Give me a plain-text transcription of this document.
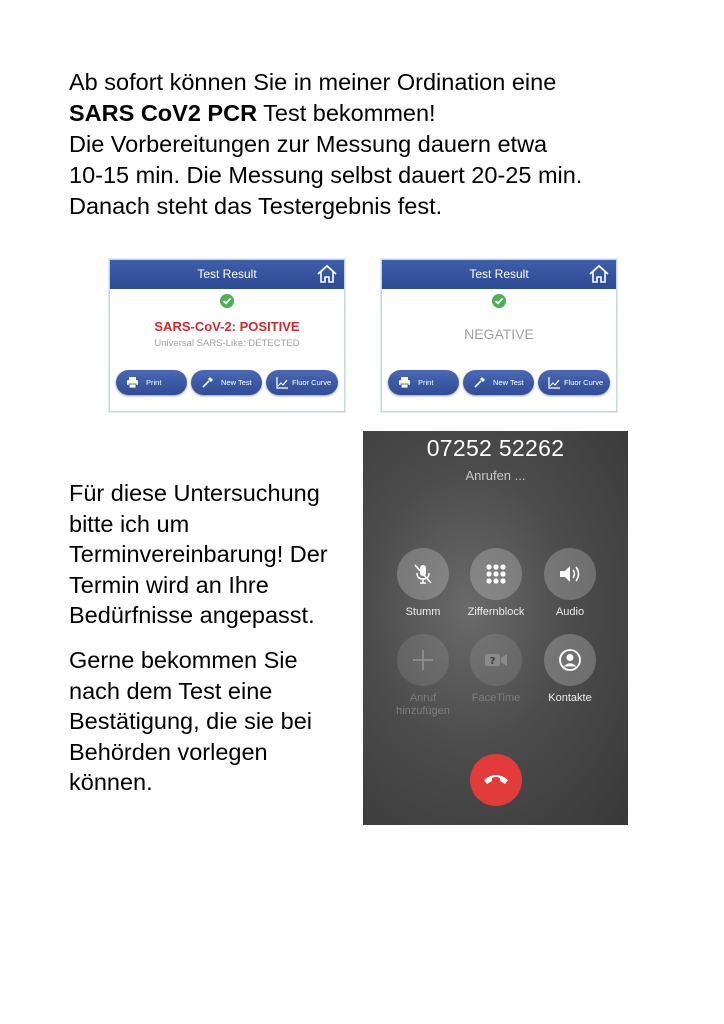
Ab sofort können Sie in meiner Ordination eine
SARS CoV2 PCR Test bekommen!
Die Vorbereitungen zur Messung dauern etwa
10-15 min. Die Messung selbst dauert 20-25 min.
Danach steht das Testergebnis fest.
Test Result
SARS-CoV-2: POSITIVE
Universal SARS-Like: DETECTED
Print	New Test	Fluor Curve
Test Result
NEGATIVE
Print	New Test	Fluor Curve
Für diese Untersuchung
bitte ich um
Terminvereinbarung! Der
Termin wird an Ihre
Bedürfnisse angepasst.
Gerne bekommen Sie
nach dem Test eine
Bestätigung, die sie bei
Behörden vorlegen
können.
07252 52262
Anrufen ...
Stumm	Ziffernblock	Audio
Anruf
hinzufügen
?
FaceTime	Kontakte
